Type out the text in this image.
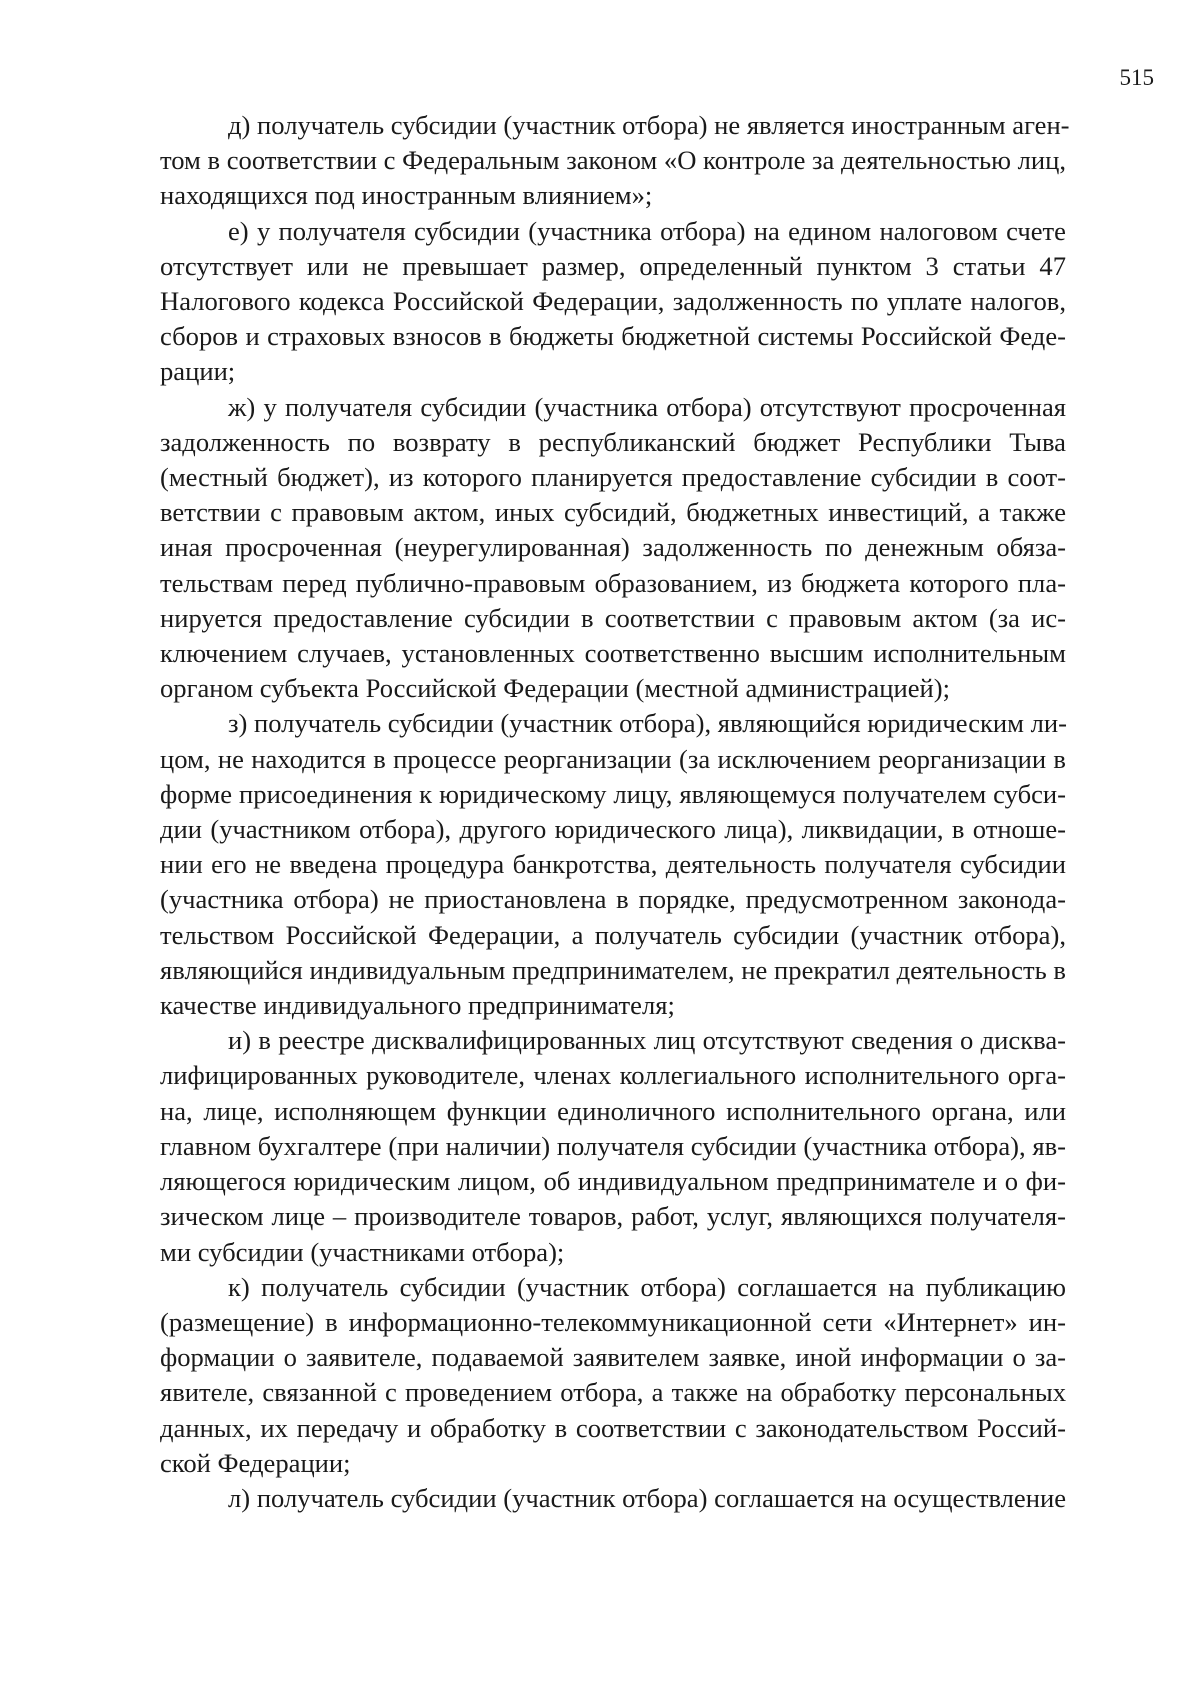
515

д) получатель субсидии (участник отбора) не является иностранным аген-
том в соответствии с Федеральным законом «О контроле за деятельностью лиц,
находящихся под иностранным влиянием»;

е) у получателя субсидии (участника отбора) на едином налоговом счете
отсутствует или не превышает размер, определенный пунктом 3 статьи 47
Налогового кодекса Российской Федерации, задолженность по уплате налогов,
сборов и страховых взносов в бюджеты бюджетной системы Российской Феде-
рации;

ж) у получателя субсидии (участника отбора) отсутствуют просроченная
задолженность по возврату в республиканский бюджет Республики Тыва
(местный бюджет), из которого планируется предоставление субсидии в соот-
ветствии с правовым актом, иных субсидий, бюджетных инвестиций, а также
иная просроченная (неурегулированная) задолженность по денежным обяза-
тельствам перед публично-правовым образованием, из бюджета которого пла-
нируется предоставление субсидии в соответствии с правовым актом (за ис-
ключением случаев, установленных соответственно высшим исполнительным
органом субъекта Российской Федерации (местной администрацией);

з) получатель субсидии (участник отбора), являющийся юридическим ли-
цом, не находится в процессе реорганизации (за исключением реорганизации в
форме присоединения к юридическому лицу, являющемуся получателем субси-
дии (участником отбора), другого юридического лица), ликвидации, в отноше-
нии его не введена процедура банкротства, деятельность получателя субсидии
(участника отбора) не приостановлена в порядке, предусмотренном законода-
тельством Российской Федерации, а получатель субсидии (участник отбора),
являющийся индивидуальным предпринимателем, не прекратил деятельность в
качестве индивидуального предпринимателя;

и) в реестре дисквалифицированных лиц отсутствуют сведения о дисква-
лифицированных руководителе, членах коллегиального исполнительного орга-
на, лице, исполняющем функции единоличного исполнительного органа, или
главном бухгалтере (при наличии) получателя субсидии (участника отбора), яв-
ляющегося юридическим лицом, об индивидуальном предпринимателе и о фи-
зическом лице – производителе товаров, работ, услуг, являющихся получателя-
ми субсидии (участниками отбора);

к) получатель субсидии (участник отбора) соглашается на публикацию
(размещение) в информационно-телекоммуникационной сети «Интернет» ин-
формации о заявителе, подаваемой заявителем заявке, иной информации о за-
явителе, связанной с проведением отбора, а также на обработку персональных
данных, их передачу и обработку в соответствии с законодательством Россий-
ской Федерации;

л) получатель субсидии (участник отбора) соглашается на осуществление
